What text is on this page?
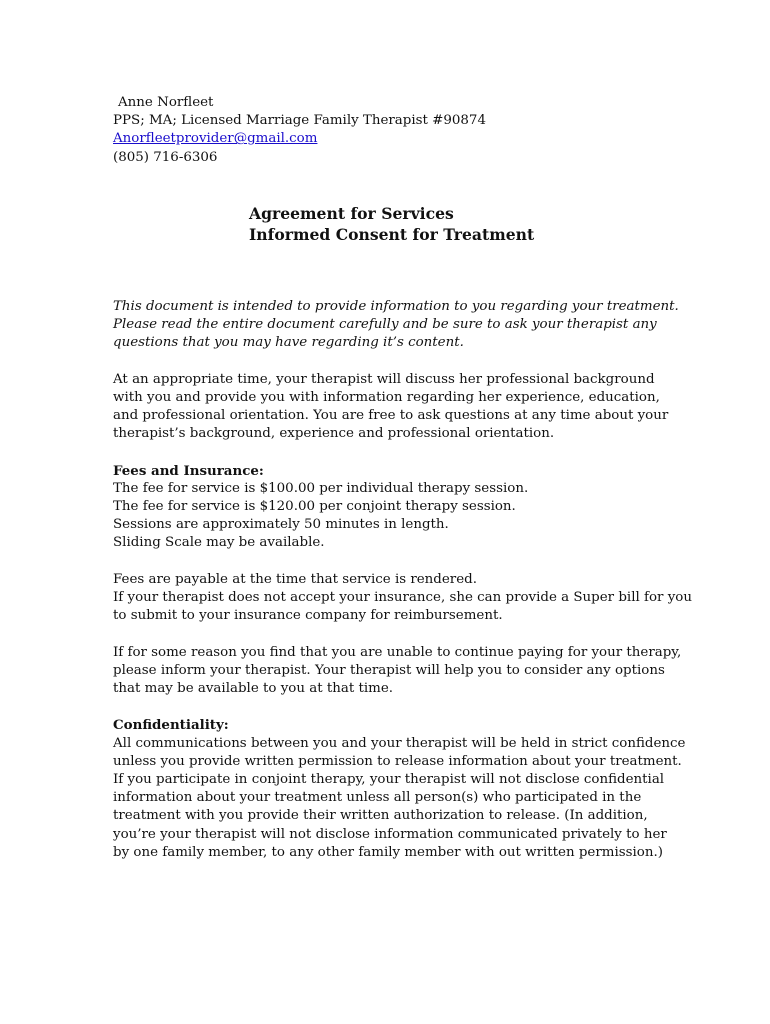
Anne Norfleet
PPS; MA; Licensed Marriage Family Therapist #90874
Anorfleetprovider@gmail.com
(805) 716-6306
Agreement for Services
Informed Consent for Treatment
This document is intended to provide information to you regarding your treatment.
Please read the entire document carefully and be sure to ask your therapist any
questions that you may have regarding it’s content.
At an appropriate time, your therapist will discuss her professional background
with you and provide you with information regarding her experience, education,
and professional orientation. You are free to ask questions at any time about your
therapist’s background, experience and professional orientation.
Fees and Insurance:
The fee for service is $100.00 per individual therapy session.
The fee for service is $120.00 per conjoint therapy session.
Sessions are approximately 50 minutes in length.
Sliding Scale may be available.
Fees are payable at the time that service is rendered.
If your therapist does not accept your insurance, she can provide a Super bill for you
to submit to your insurance company for reimbursement.
If for some reason you find that you are unable to continue paying for your therapy,
please inform your therapist. Your therapist will help you to consider any options
that may be available to you at that time.
Confidentiality:
All communications between you and your therapist will be held in strict confidence
unless you provide written permission to release information about your treatment.
If you participate in conjoint therapy, your therapist will not disclose confidential
information about your treatment unless all person(s) who participated in the
treatment with you provide their written authorization to release. (In addition,
you’re your therapist will not disclose information communicated privately to her
by one family member, to any other family member with out written permission.)
